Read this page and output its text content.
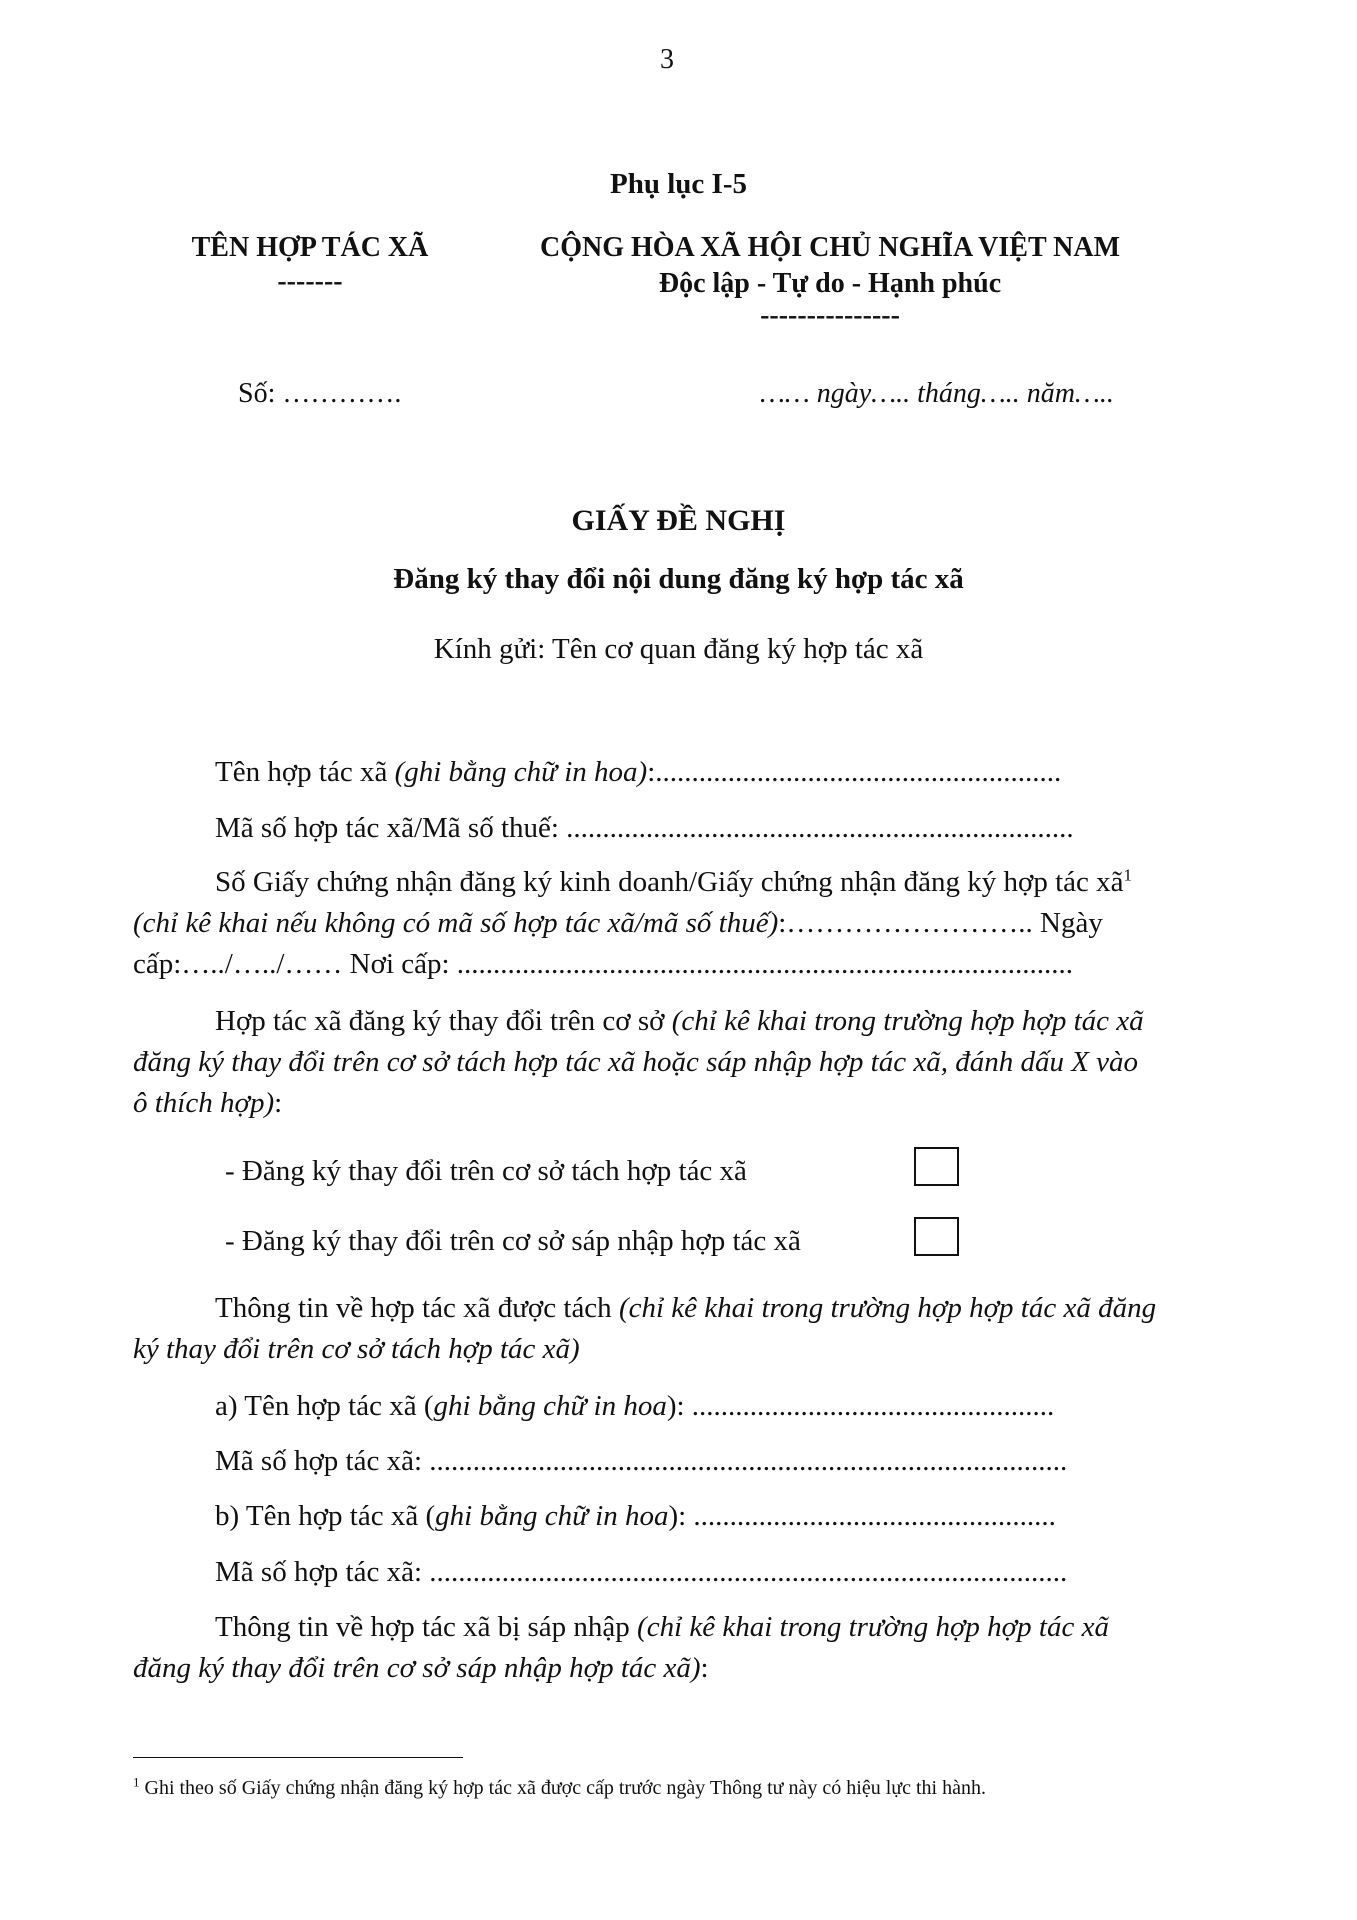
3
Phụ lục I-5
TÊN HỢP TÁC XÃ
-------
CỘNG HÒA XÃ HỘI CHỦ NGHĨA VIỆT NAM
Độc lập - Tự do - Hạnh phúc
---------------
Số: ………….	…… ngày….. tháng….. năm…..
GIẤY ĐỀ NGHỊ
Đăng ký thay đổi nội dung đăng ký hợp tác xã
Kính gửi: Tên cơ quan đăng ký hợp tác xã
Tên hợp tác xã (ghi bằng chữ in hoa):........................................................
Mã số hợp tác xã/Mã số thuế: ......................................................................
Số Giấy chứng nhận đăng ký kinh doanh/Giấy chứng nhận đăng ký hợp tác $xã^1$
(chỉ kê khai nếu không có mã số hợp tác xã/mã số thuế):…………………….. Ngày
cấp:…../…../…… Nơi cấp: .....................................................................................
Hợp tác xã đăng ký thay đổi trên cơ sở (chỉ kê khai trong trường hợp hợp tác xã
đăng ký thay đổi trên cơ sở tách hợp tác xã hoặc sáp nhập hợp tác xã, đánh dấu X vào
ô thích hợp):
- Đăng ký thay đổi trên cơ sở tách hợp tác xã
- Đăng ký thay đổi trên cơ sở sáp nhập hợp tác xã
Thông tin về hợp tác xã được tách (chỉ kê khai trong trường hợp hợp tác xã đăng
ký thay đổi trên cơ sở tách hợp tác xã)
a) Tên hợp tác xã (ghi bằng chữ in hoa): ..................................................
Mã số hợp tác xã: ........................................................................................
b) Tên hợp tác xã (ghi bằng chữ in hoa): ..................................................
Mã số hợp tác xã: ........................................................................................
Thông tin về hợp tác xã bị sáp nhập (chỉ kê khai trong trường hợp hợp tác xã
đăng ký thay đổi trên cơ sở sáp nhập hợp tác xã):
$^1$ Ghi theo số Giấy chứng nhận đăng ký hợp tác xã được cấp trước ngày Thông tư này có hiệu lực thi hành.
